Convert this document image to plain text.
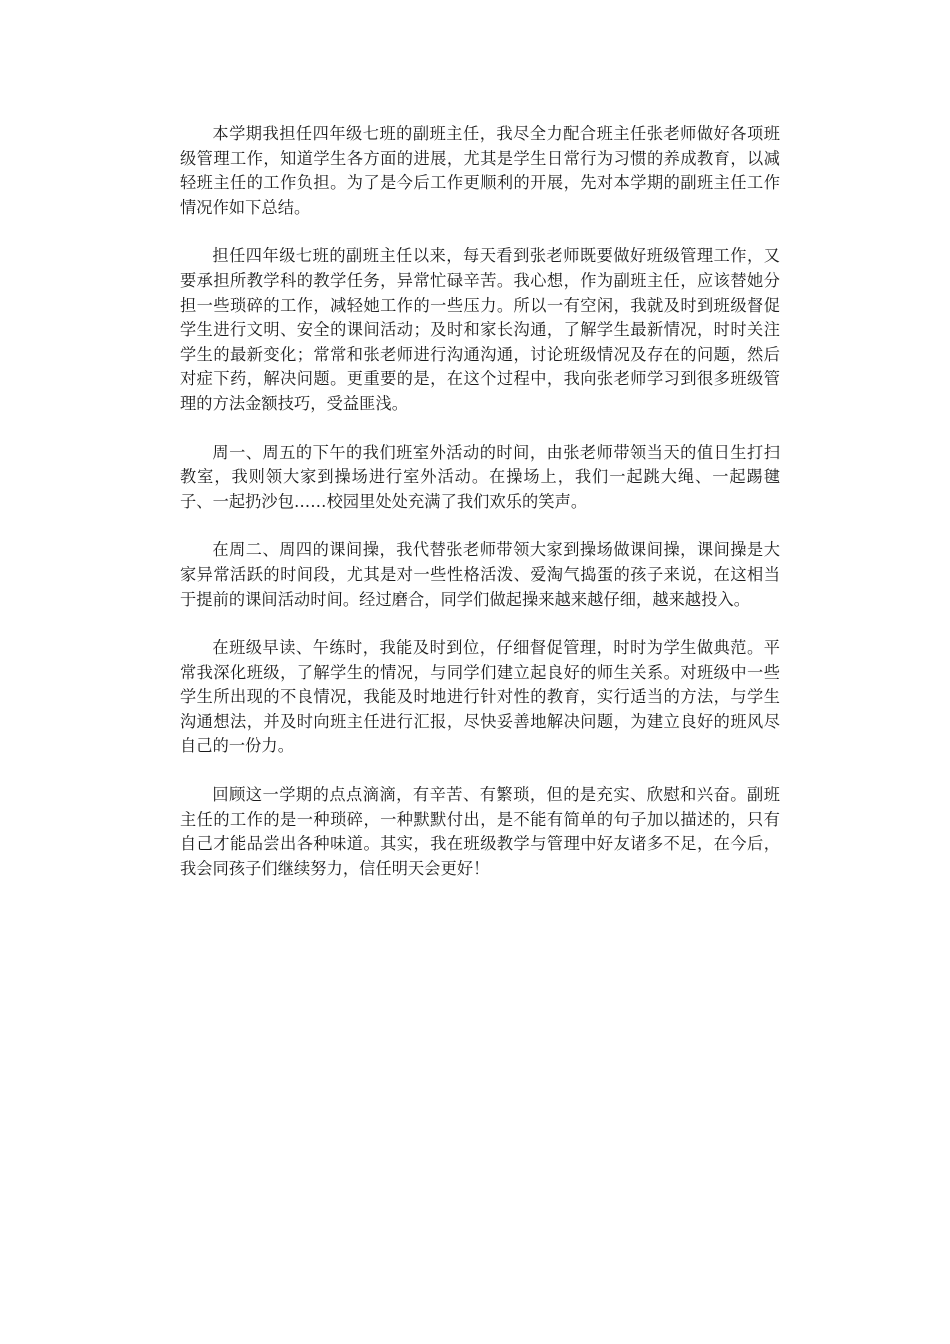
本学期我担任四年级七班的副班主任，我尽全力配合班主任张老师做好各项班级管理工作，知道学生各方面的进展，尤其是学生日常行为习惯的养成教育，以减轻班主任的工作负担。为了是今后工作更顺利的开展，先对本学期的副班主任工作情况作如下总结。

担任四年级七班的副班主任以来，每天看到张老师既要做好班级管理工作，又要承担所教学科的教学任务，异常忙碌辛苦。我心想，作为副班主任，应该替她分担一些琐碎的工作，减轻她工作的一些压力。所以一有空闲，我就及时到班级督促学生进行文明、安全的课间活动；及时和家长沟通，了解学生最新情况，时时关注学生的最新变化；常常和张老师进行沟通沟通，讨论班级情况及存在的问题，然后对症下药，解决问题。更重要的是，在这个过程中，我向张老师学习到很多班级管理的方法金额技巧，受益匪浅。

周一、周五的下午的我们班室外活动的时间，由张老师带领当天的值日生打扫教室，我则领大家到操场进行室外活动。在操场上，我们一起跳大绳、一起踢毽子、一起扔沙包……校园里处处充满了我们欢乐的笑声。

在周二、周四的课间操，我代替张老师带领大家到操场做课间操，课间操是大家异常活跃的时间段，尤其是对一些性格活泼、爱淘气捣蛋的孩子来说，在这相当于提前的课间活动时间。经过磨合，同学们做起操来越来越仔细，越来越投入。

在班级早读、午练时，我能及时到位，仔细督促管理，时时为学生做典范。平常我深化班级，了解学生的情况，与同学们建立起良好的师生关系。对班级中一些学生所出现的不良情况，我能及时地进行针对性的教育，实行适当的方法，与学生沟通想法，并及时向班主任进行汇报，尽快妥善地解决问题，为建立良好的班风尽自己的一份力。

回顾这一学期的点点滴滴，有辛苦、有繁琐，但的是充实、欣慰和兴奋。副班主任的工作的是一种琐碎，一种默默付出，是不能有简单的句子加以描述的，只有自己才能品尝出各种味道。其实，我在班级教学与管理中好友诸多不足，在今后，我会同孩子们继续努力，信任明天会更好！
